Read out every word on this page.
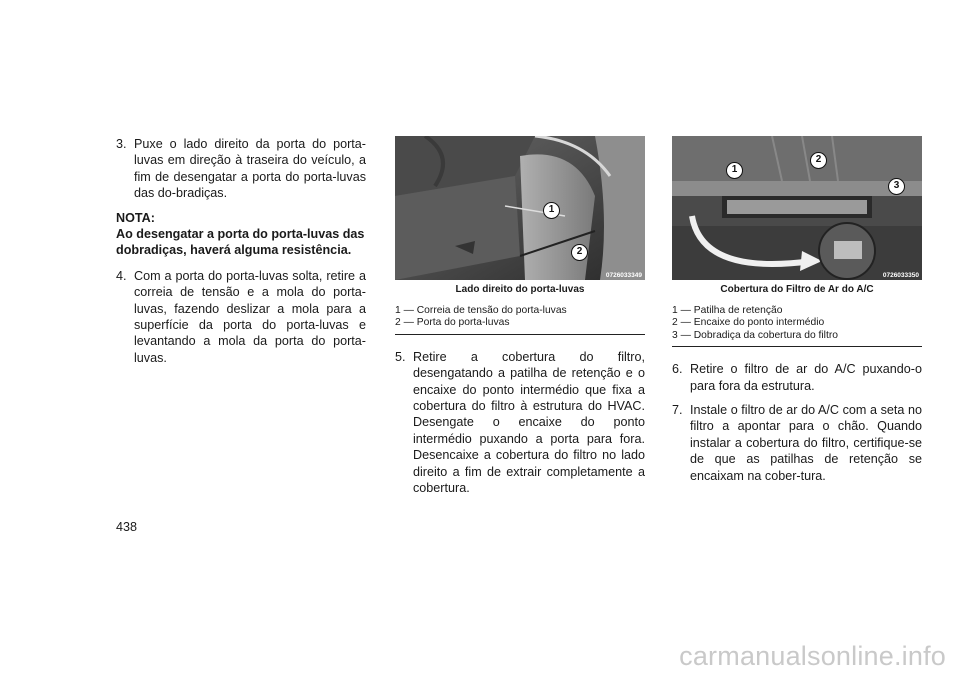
3. Puxe o lado direito da porta do porta-luvas em direção à traseira do veículo, a fim de desengatar a porta do porta-luvas das do-bradiças.

NOTA:

Ao desengatar a porta do porta-luvas das dobradiças, haverá alguma resistência.

4. Com a porta do porta-luvas solta, retire a correia de tensão e a mola do porta-luvas, fazendo deslizar a mola para a superfície da porta do porta-luvas e levantando a mola da porta do porta-luvas.

1
2
0726033349

Lado direito do porta-luvas

1 — Correia de tensão do porta-luvas

2 — Porta do porta-luvas

5. Retire a cobertura do filtro, desengatando a patilha de retenção e o encaixe do ponto intermédio que fixa a cobertura do filtro à estrutura do HVAC. Desengate o encaixe do ponto intermédio puxando a porta para fora. Desencaixe a cobertura do filtro no lado direito a fim de extrair completamente a cobertura.

1
2
3
0726033350

Cobertura do Filtro de Ar do A/C

1 — Patilha de retenção

2 — Encaixe do ponto intermédio

3 — Dobradiça da cobertura do filtro

6. Retire o filtro de ar do A/C puxando-o para fora da estrutura.

7. Instale o filtro de ar do A/C com a seta no filtro a apontar para o chão. Quando instalar a cobertura do filtro, certifique-se de que as patilhas de retenção se encaixam na cober-tura.

438
carmanualsonline.info
